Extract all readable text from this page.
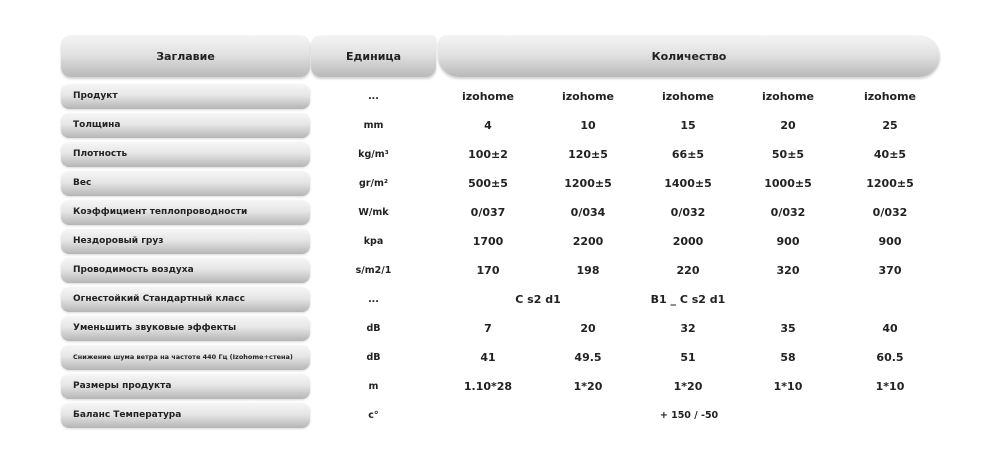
Заглавие	Единица	Количество
Продукт	...	izohome	izohome	izohome	izohome	izohome
Толщина	mm	4	10	15	20	25
Плотность	kg/m³	100±2	120±5	66±5	50±5	40±5
Вес	gr/m²	500±5	1200±5	1400±5	1000±5	1200±5
Коэффициент теплопроводности	W/mk	0/037	0/034	0/032	0/032	0/032
Нездоровый груз	kpa	1700	2200	2000	900	900
Проводимость воздуха	s/m2/1	170	198	220	320	370
Огнестойкий Стандартный класс	...	C s2 d1	B1 _ C s2 d1
Уменьшить звуковые эффекты	dB	7	20	32	35	40
Снижение шума ветра на частоте 440 Гц (Izohome+стена)	dB	41	49.5	51	58	60.5
Размеры продукта	m	1.10*28	1*20	1*20	1*10	1*10
Баланс Температура	c°	+ 150 / -50
